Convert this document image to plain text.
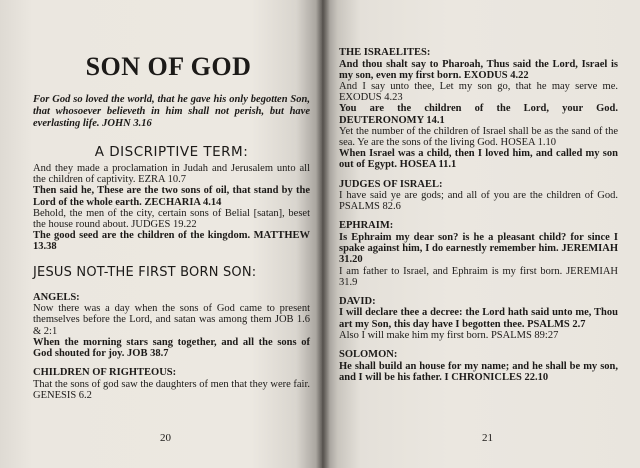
SON OF GOD

For God so loved the world, that he gave his only begotten Son, that whosoever believeth in him shall not perish, but have everlasting life. JOHN 3.16

A DISCRIPTIVE TERM:

And they made a proclamation in Judah and Jerusalem unto all the children of captivity. EZRA 10.7

Then said he, These are the two sons of oil, that stand by the Lord of the whole earth. ZECHARIA 4.14

Behold, the men of the city, certain sons of Belial [satan], beset the house round about. JUDGES 19.22

The good seed are the children of the kingdom. MATTHEW 13.38

JESUS NOT-THE FIRST BORN SON:
ANGELS:

Now there was a day when the sons of God came to present themselves before the Lord, and satan was among them JOB 1.6 & 2:1

When the morning stars sang together, and all the sons of God shouted for joy. JOB 38.7

CHILDREN OF RIGHTEOUS:

That the sons of god saw the daughters of men that they were fair. GENESIS 6.2

20
THE ISRAELITES:

And thou shalt say to Pharoah, Thus said the Lord, Israel is my son, even my first born. EXODUS 4.22

And I say unto thee, Let my son go, that he may serve me. EXODUS 4.23

You are the children of the Lord, your God. DEUTERONOMY 14.1

Yet the number of the children of Israel shall be as the sand of the sea. Ye are the sons of the living God. HOSEA 1.10

When Israel was a child, then I loved him, and called my son out of Egypt. HOSEA 11.1

JUDGES OF ISRAEL:

I have said ye are gods; and all of you are the children of God. PSALMS 82.6

EPHRAIM:

Is Ephraim my dear son? is he a pleasant child? for since I spake against him, I do earnestly remember him. JEREMIAH 31.20

I am father to Israel, and Ephraim is my first born. JEREMIAH 31.9

DAVID:

I will declare thee a decree: the Lord hath said unto me, Thou art my Son, this day have I begotten thee. PSALMS 2.7

Also I will make him my first born. PSALMS 89:27

SOLOMON:

He shall build an house for my name; and he shall be my son, and I will be his father. I CHRONICLES 22.10

21
